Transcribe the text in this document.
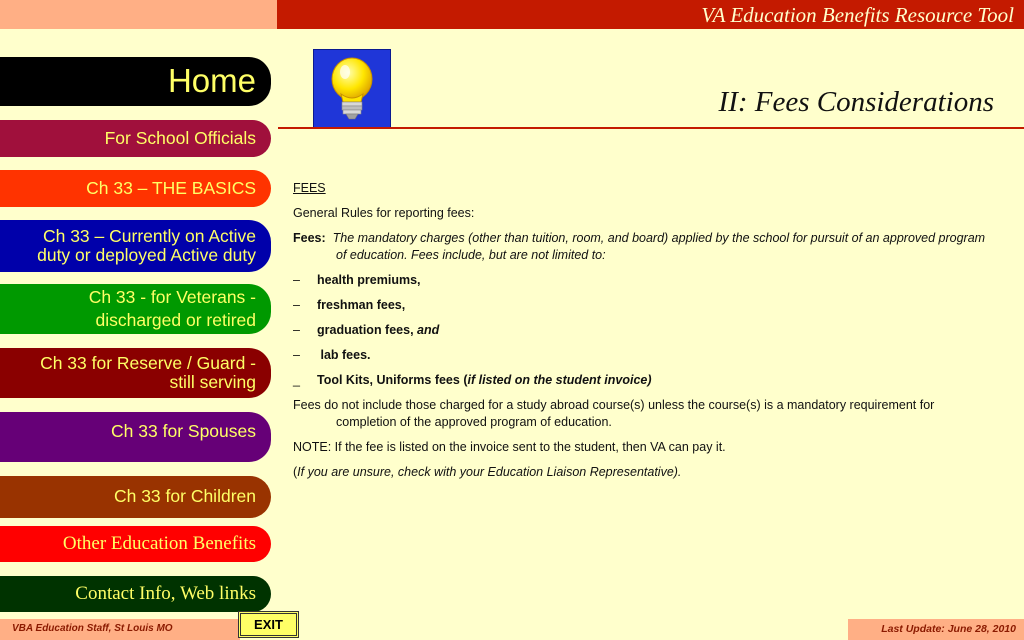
VA Education Benefits Resource Tool
Home
For School Officials
Ch 33 – THE BASICS
Ch 33 – Currently on Active
duty or deployed Active duty
Ch 33 - for Veterans -
discharged or retired
Ch 33 for Reserve / Guard -
still serving
Ch 33 for Spouses
Ch 33 for Children
Other Education Benefits
Contact Info, Web links
II: Fees Considerations

FEES

General Rules for reporting fees:

Fees: The mandatory charges (other than tuition, room, and board) applied by the school for pursuit of an approved program of education. Fees include, but are not limited to:

–	health premiums,
–	freshman fees,
–	graduation fees, and
–	lab fees.
_	Tool Kits, Uniforms fees (if listed on the student invoice)

Fees do not include those charged for a study abroad course(s) unless the course(s) is a mandatory requirement for completion of the approved program of education.

NOTE: If the fee is listed on the invoice sent to the student, then VA can pay it.

(If you are unsure, check with your Education Liaison Representative).

VBA Education Staff, St Louis MO	EXIT	Last Update: June 28, 2010
